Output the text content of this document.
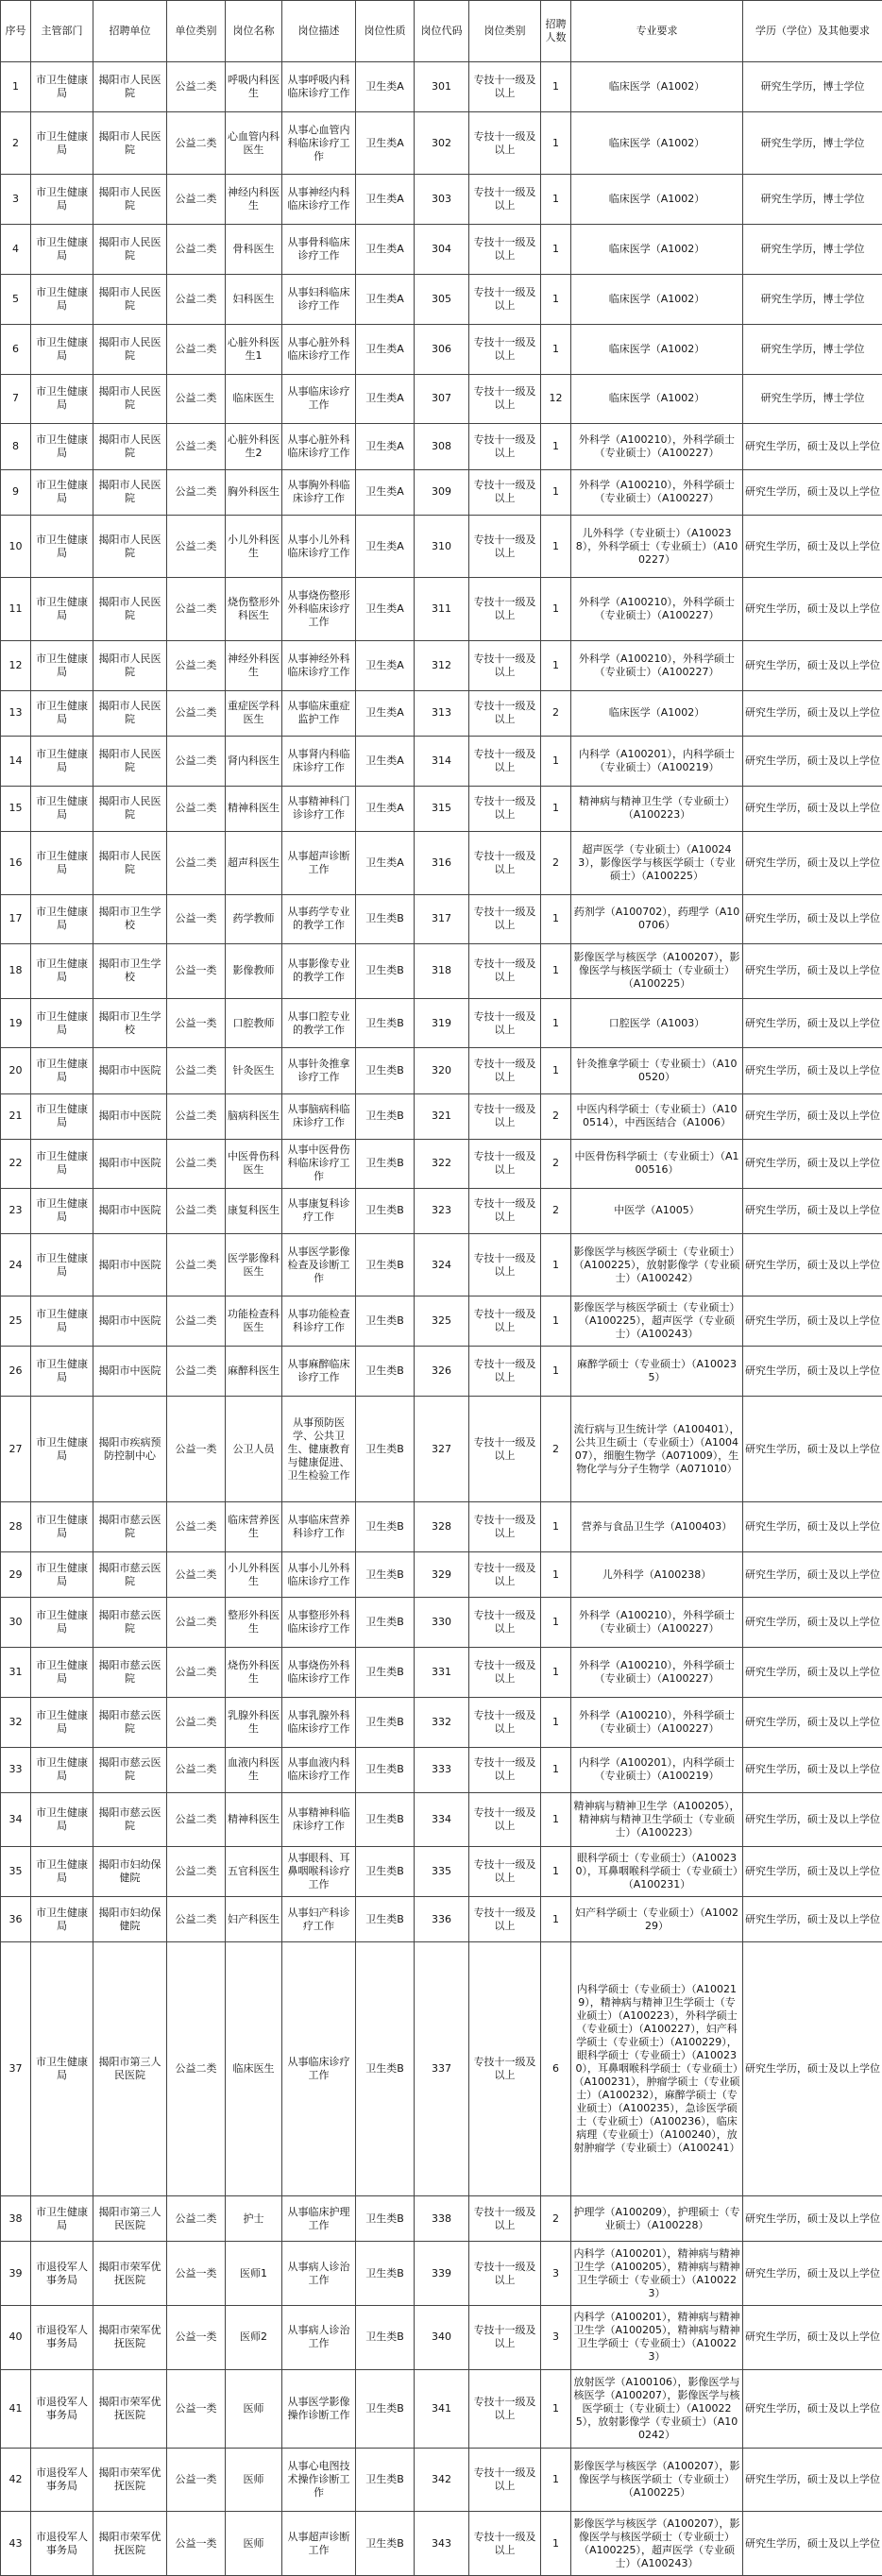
序号	主管部门	招聘单位	单位类别	岗位名称	岗位描述	岗位性质	岗位代码	岗位类别	招聘人数	专业要求	学历（学位）及其他要求
1	市卫生健康局	揭阳市人民医院	公益二类	呼吸内科医生	从事呼吸内科临床诊疗工作	卫生类A	301	专技十一级及以上	1	临床医学（A1002）	研究生学历，博士学位
2	市卫生健康局	揭阳市人民医院	公益二类	心血管内科医生	从事心血管内科临床诊疗工作	卫生类A	302	专技十一级及以上	1	临床医学（A1002）	研究生学历，博士学位
3	市卫生健康局	揭阳市人民医院	公益二类	神经内科医生	从事神经内科临床诊疗工作	卫生类A	303	专技十一级及以上	1	临床医学（A1002）	研究生学历，博士学位
4	市卫生健康局	揭阳市人民医院	公益二类	骨科医生	从事骨科临床诊疗工作	卫生类A	304	专技十一级及以上	1	临床医学（A1002）	研究生学历，博士学位
5	市卫生健康局	揭阳市人民医院	公益二类	妇科医生	从事妇科临床诊疗工作	卫生类A	305	专技十一级及以上	1	临床医学（A1002）	研究生学历，博士学位
6	市卫生健康局	揭阳市人民医院	公益二类	心脏外科医生1	从事心脏外科临床诊疗工作	卫生类A	306	专技十一级及以上	1	临床医学（A1002）	研究生学历，博士学位
7	市卫生健康局	揭阳市人民医院	公益二类	临床医生	从事临床诊疗工作	卫生类A	307	专技十一级及以上	12	临床医学（A1002）	研究生学历，博士学位
8	市卫生健康局	揭阳市人民医院	公益二类	心脏外科医生2	从事心脏外科临床诊疗工作	卫生类A	308	专技十一级及以上	1	外科学（A100210），外科学硕士（专业硕士）（A100227）	研究生学历，硕士及以上学位
9	市卫生健康局	揭阳市人民医院	公益二类	胸外科医生	从事胸外科临床诊疗工作	卫生类A	309	专技十一级及以上	1	外科学（A100210），外科学硕士（专业硕士）（A100227）	研究生学历，硕士及以上学位
10	市卫生健康局	揭阳市人民医院	公益二类	小儿外科医生	从事小儿外科临床诊疗工作	卫生类A	310	专技十一级及以上	1	儿外科学（专业硕士）（A100238），外科学硕士（专业硕士）（A100227）	研究生学历，硕士及以上学位
11	市卫生健康局	揭阳市人民医院	公益二类	烧伤整形外科医生	从事烧伤整形外科临床诊疗工作	卫生类A	311	专技十一级及以上	1	外科学（A100210），外科学硕士（专业硕士）（A100227）	研究生学历，硕士及以上学位
12	市卫生健康局	揭阳市人民医院	公益二类	神经外科医生	从事神经外科临床诊疗工作	卫生类A	312	专技十一级及以上	1	外科学（A100210），外科学硕士（专业硕士）（A100227）	研究生学历，硕士及以上学位
13	市卫生健康局	揭阳市人民医院	公益二类	重症医学科医生	从事临床重症监护工作	卫生类A	313	专技十一级及以上	2	临床医学（A1002）	研究生学历，硕士及以上学位
14	市卫生健康局	揭阳市人民医院	公益二类	肾内科医生	从事肾内科临床诊疗工作	卫生类A	314	专技十一级及以上	1	内科学（A100201），内科学硕士（专业硕士）（A100219）	研究生学历，硕士及以上学位
15	市卫生健康局	揭阳市人民医院	公益二类	精神科医生	从事精神科门诊诊疗工作	卫生类A	315	专技十一级及以上	1	精神病与精神卫生学（专业硕士）（A100223）	研究生学历，硕士及以上学位
16	市卫生健康局	揭阳市人民医院	公益二类	超声科医生	从事超声诊断工作	卫生类A	316	专技十一级及以上	2	超声医学（专业硕士）（A100243），影像医学与核医学硕士（专业硕士）（A100225）	研究生学历，硕士及以上学位
17	市卫生健康局	揭阳市卫生学校	公益一类	药学教师	从事药学专业的教学工作	卫生类B	317	专技十一级及以上	1	药剂学（A100702），药理学（A100706）	研究生学历，硕士及以上学位
18	市卫生健康局	揭阳市卫生学校	公益一类	影像教师	从事影像专业的教学工作	卫生类B	318	专技十一级及以上	1	影像医学与核医学（A100207），影像医学与核医学硕士（专业硕士）（A100225）	研究生学历，硕士及以上学位
19	市卫生健康局	揭阳市卫生学校	公益一类	口腔教师	从事口腔专业的教学工作	卫生类B	319	专技十一级及以上	1	口腔医学（A1003）	研究生学历，硕士及以上学位
20	市卫生健康局	揭阳市中医院	公益二类	针灸医生	从事针灸推拿诊疗工作	卫生类B	320	专技十一级及以上	1	针灸推拿学硕士（专业硕士）（A100520）	研究生学历，硕士及以上学位
21	市卫生健康局	揭阳市中医院	公益二类	脑病科医生	从事脑病科临床诊疗工作	卫生类B	321	专技十一级及以上	2	中医内科学硕士（专业硕士）（A100514），中西医结合（A1006）	研究生学历，硕士及以上学位
22	市卫生健康局	揭阳市中医院	公益二类	中医骨伤科医生	从事中医骨伤科临床诊疗工作	卫生类B	322	专技十一级及以上	2	中医骨伤科学硕士（专业硕士）（A100516）	研究生学历，硕士及以上学位
23	市卫生健康局	揭阳市中医院	公益二类	康复科医生	从事康复科诊疗工作	卫生类B	323	专技十一级及以上	2	中医学（A1005）	研究生学历，硕士及以上学位
24	市卫生健康局	揭阳市中医院	公益二类	医学影像科医生	从事医学影像检查及诊断工作	卫生类B	324	专技十一级及以上	1	影像医学与核医学硕士（专业硕士）（A100225），放射影像学（专业硕士）（A100242）	研究生学历，硕士及以上学位
25	市卫生健康局	揭阳市中医院	公益二类	功能检查科医生	从事功能检查科诊疗工作	卫生类B	325	专技十一级及以上	1	影像医学与核医学硕士（专业硕士）（A100225），超声医学（专业硕士）（A100243）	研究生学历，硕士及以上学位
26	市卫生健康局	揭阳市中医院	公益二类	麻醉科医生	从事麻醉临床诊疗工作	卫生类B	326	专技十一级及以上	1	麻醉学硕士（专业硕士）（A100235）	研究生学历，硕士及以上学位
27	市卫生健康局	揭阳市疾病预防控制中心	公益一类	公卫人员	从事预防医学、公共卫生、健康教育与健康促进、卫生检验工作	卫生类B	327	专技十一级及以上	2	流行病与卫生统计学（A100401），公共卫生硕士（专业硕士）（A100407），细胞生物学（A071009），生物化学与分子生物学（A071010）	研究生学历，硕士及以上学位
28	市卫生健康局	揭阳市慈云医院	公益二类	临床营养医生	从事临床营养科诊疗工作	卫生类B	328	专技十一级及以上	1	营养与食品卫生学（A100403）	研究生学历，硕士及以上学位
29	市卫生健康局	揭阳市慈云医院	公益二类	小儿外科医生	从事小儿外科临床诊疗工作	卫生类B	329	专技十一级及以上	1	儿外科学（A100238）	研究生学历，硕士及以上学位
30	市卫生健康局	揭阳市慈云医院	公益二类	整形外科医生	从事整形外科临床诊疗工作	卫生类B	330	专技十一级及以上	1	外科学（A100210），外科学硕士（专业硕士）（A100227）	研究生学历，硕士及以上学位
31	市卫生健康局	揭阳市慈云医院	公益二类	烧伤外科医生	从事烧伤外科临床诊疗工作	卫生类B	331	专技十一级及以上	1	外科学（A100210），外科学硕士（专业硕士）（A100227）	研究生学历，硕士及以上学位
32	市卫生健康局	揭阳市慈云医院	公益二类	乳腺外科医生	从事乳腺外科临床诊疗工作	卫生类B	332	专技十一级及以上	1	外科学（A100210），外科学硕士（专业硕士）（A100227）	研究生学历，硕士及以上学位
33	市卫生健康局	揭阳市慈云医院	公益二类	血液内科医生	从事血液内科临床诊疗工作	卫生类B	333	专技十一级及以上	1	内科学（A100201），内科学硕士（专业硕士）（A100219）	研究生学历，硕士及以上学位
34	市卫生健康局	揭阳市慈云医院	公益二类	精神科医生	从事精神科临床诊疗工作	卫生类B	334	专技十一级及以上	1	精神病与精神卫生学（A100205），精神病与精神卫生学硕士（专业硕士）（A100223）	研究生学历，硕士及以上学位
35	市卫生健康局	揭阳市妇幼保健院	公益二类	五官科医生	从事眼科、耳鼻咽喉科诊疗工作	卫生类B	335	专技十一级及以上	1	眼科学硕士（专业硕士）（A100230），耳鼻咽喉科学硕士（专业硕士）（A100231）	研究生学历，硕士及以上学位
36	市卫生健康局	揭阳市妇幼保健院	公益二类	妇产科医生	从事妇产科诊疗工作	卫生类B	336	专技十一级及以上	1	妇产科学硕士（专业硕士）（A100229）	研究生学历，硕士及以上学位
37	市卫生健康局	揭阳市第三人民医院	公益二类	临床医生	从事临床诊疗工作	卫生类B	337	专技十一级及以上	6	内科学硕士（专业硕士）（A100219），精神病与精神卫生学硕士（专业硕士）（A100223），外科学硕士（专业硕士）（A100227），妇产科学硕士（专业硕士）（A100229），眼科学硕士（专业硕士）（A100230），耳鼻咽喉科学硕士（专业硕士）（A100231），肿瘤学硕士（专业硕士）（A100232），麻醉学硕士（专业硕士）（A100235），急诊医学硕士（专业硕士）（A100236），临床病理（专业硕士）（A100240），放射肿瘤学（专业硕士）（A100241）	研究生学历，硕士及以上学位
38	市卫生健康局	揭阳市第三人民医院	公益二类	护士	从事临床护理工作	卫生类B	338	专技十一级及以上	2	护理学（A100209），护理硕士（专业硕士）（A100228）	研究生学历，硕士及以上学位
39	市退役军人事务局	揭阳市荣军优抚医院	公益一类	医师1	从事病人诊治工作	卫生类B	339	专技十一级及以上	3	内科学（A100201），精神病与精神卫生学（A100205），精神病与精神卫生学硕士（专业硕士）（A100223）	研究生学历，硕士及以上学位
40	市退役军人事务局	揭阳市荣军优抚医院	公益一类	医师2	从事病人诊治工作	卫生类B	340	专技十一级及以上	3	内科学（A100201），精神病与精神卫生学（A100205），精神病与精神卫生学硕士（专业硕士）（A100223）	研究生学历，硕士及以上学位
41	市退役军人事务局	揭阳市荣军优抚医院	公益一类	医师	从事医学影像操作诊断工作	卫生类B	341	专技十一级及以上	1	放射医学（A100106），影像医学与核医学（A100207），影像医学与核医学硕士（专业硕士）（A100225），放射影像学（专业硕士）（A100242）	研究生学历，硕士及以上学位
42	市退役军人事务局	揭阳市荣军优抚医院	公益一类	医师	从事心电图技术操作诊断工作	卫生类B	342	专技十一级及以上	1	影像医学与核医学（A100207），影像医学与核医学硕士（专业硕士）（A100225）	研究生学历，硕士及以上学位
43	市退役军人事务局	揭阳市荣军优抚医院	公益一类	医师	从事超声诊断工作	卫生类B	343	专技十一级及以上	1	影像医学与核医学（A100207），影像医学与核医学硕士（专业硕士）（A100225），超声医学（专业硕士）（A100243）	研究生学历，硕士及以上学位
